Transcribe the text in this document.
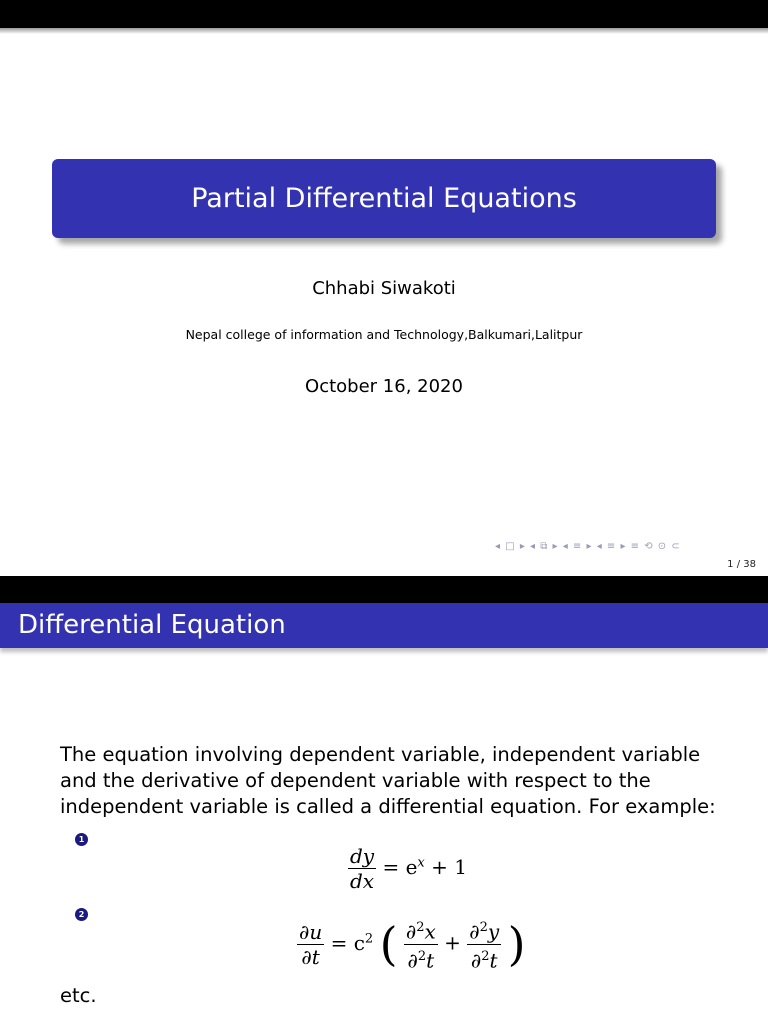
Partial Differential Equations
Chhabi Siwakoti
Nepal college of information and Technology,Balkumari,Lalitpur
October 16, 2020
◂ □ ▸ ◂ ⧉ ▸ ◂ ≡ ▸ ◂ ≡ ▸ ≡ ⟲ ⊙ ⊂
1 / 38
Differential Equation
The equation involving dependent variable, independent variable and the derivative of dependent variable with respect to the independent variable is called a differential equation. For example:
1
$\frac{dy}{dx} = e^x + 1$
2
$\frac{\partial u}{\partial t} = c^2$ ( $\frac{\partial^2x}{\partial^2t} + \frac{\partial^2y}{\partial^2t}$ )
etc.
